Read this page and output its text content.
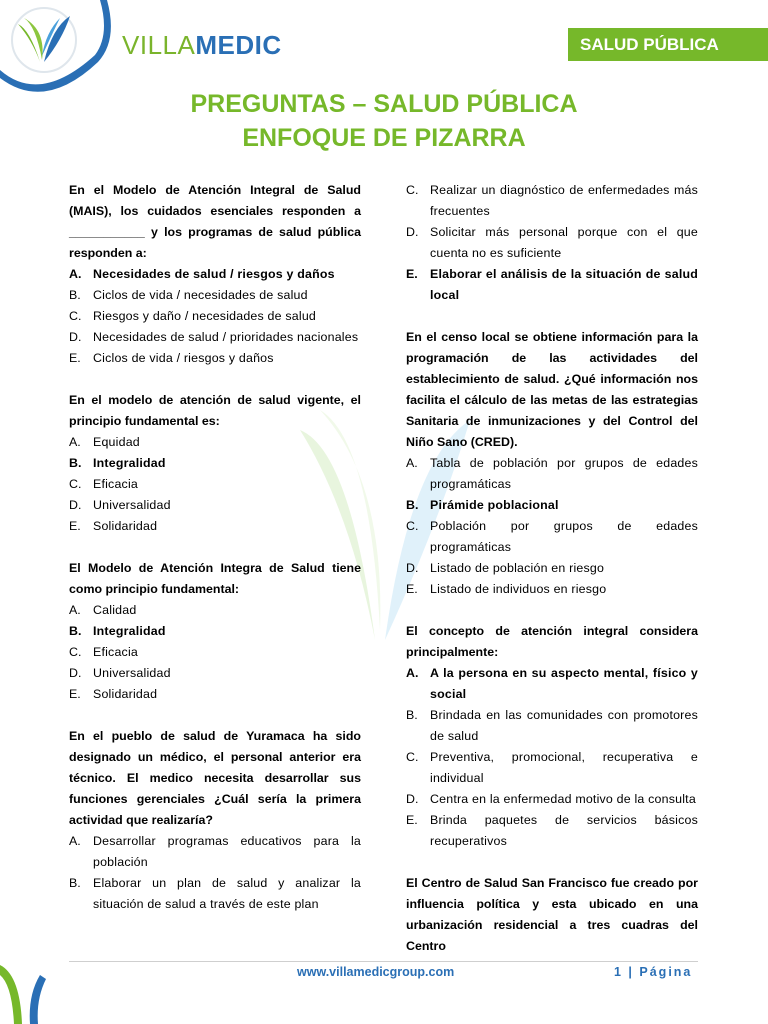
VILLAMEDIC	SALUD PÚBLICA
PREGUNTAS – SALUD PÚBLICA
ENFOQUE DE PIZARRA

En el Modelo de Atención Integral de Salud (MAIS), los cuidados esenciales responden a ___________ y los programas de salud pública responden a:

A. Necesidades de salud / riesgos y daños
B. Ciclos de vida / necesidades de salud
C. Riesgos y daño / necesidades de salud
D. Necesidades de salud / prioridades nacionales
E. Ciclos de vida / riesgos y daños

En el modelo de atención de salud vigente, el principio fundamental es:

A. Equidad
B. Integralidad
C. Eficacia
D. Universalidad
E. Solidaridad

El Modelo de Atención Integra de Salud tiene como principio fundamental:

A. Calidad
B. Integralidad
C. Eficacia
D. Universalidad
E. Solidaridad

En el pueblo de salud de Yuramaca ha sido designado un médico, el personal anterior era técnico. El medico necesita desarrollar sus funciones gerenciales ¿Cuál sería la primera actividad que realizaría?

A. Desarrollar programas educativos para la población
B. Elaborar un plan de salud y analizar la situación de salud a través de este plan
C. Realizar un diagnóstico de enfermedades más frecuentes
D. Solicitar más personal porque con el que cuenta no es suficiente
E. Elaborar el análisis de la situación de salud local

En el censo local se obtiene información para la programación de las actividades del establecimiento de salud. ¿Qué información nos facilita el cálculo de las metas de las estrategias Sanitaria de inmunizaciones y del Control del Niño Sano (CRED).

A. Tabla de población por grupos de edades programáticas
B. Pirámide poblacional
C. Población por grupos de edades programáticas
D. Listado de población en riesgo
E. Listado de individuos en riesgo

El concepto de atención integral considera principalmente:

A. A la persona en su aspecto mental, físico y social
B. Brindada en las comunidades con promotores de salud
C. Preventiva, promocional, recuperativa e individual
D. Centra en la enfermedad motivo de la consulta
E. Brinda paquetes de servicios básicos recuperativos

El Centro de Salud San Francisco fue creado por influencia política y esta ubicado en una urbanización residencial a tres cuadras del Centro

www.villamedicgroup.com	1 | Página
